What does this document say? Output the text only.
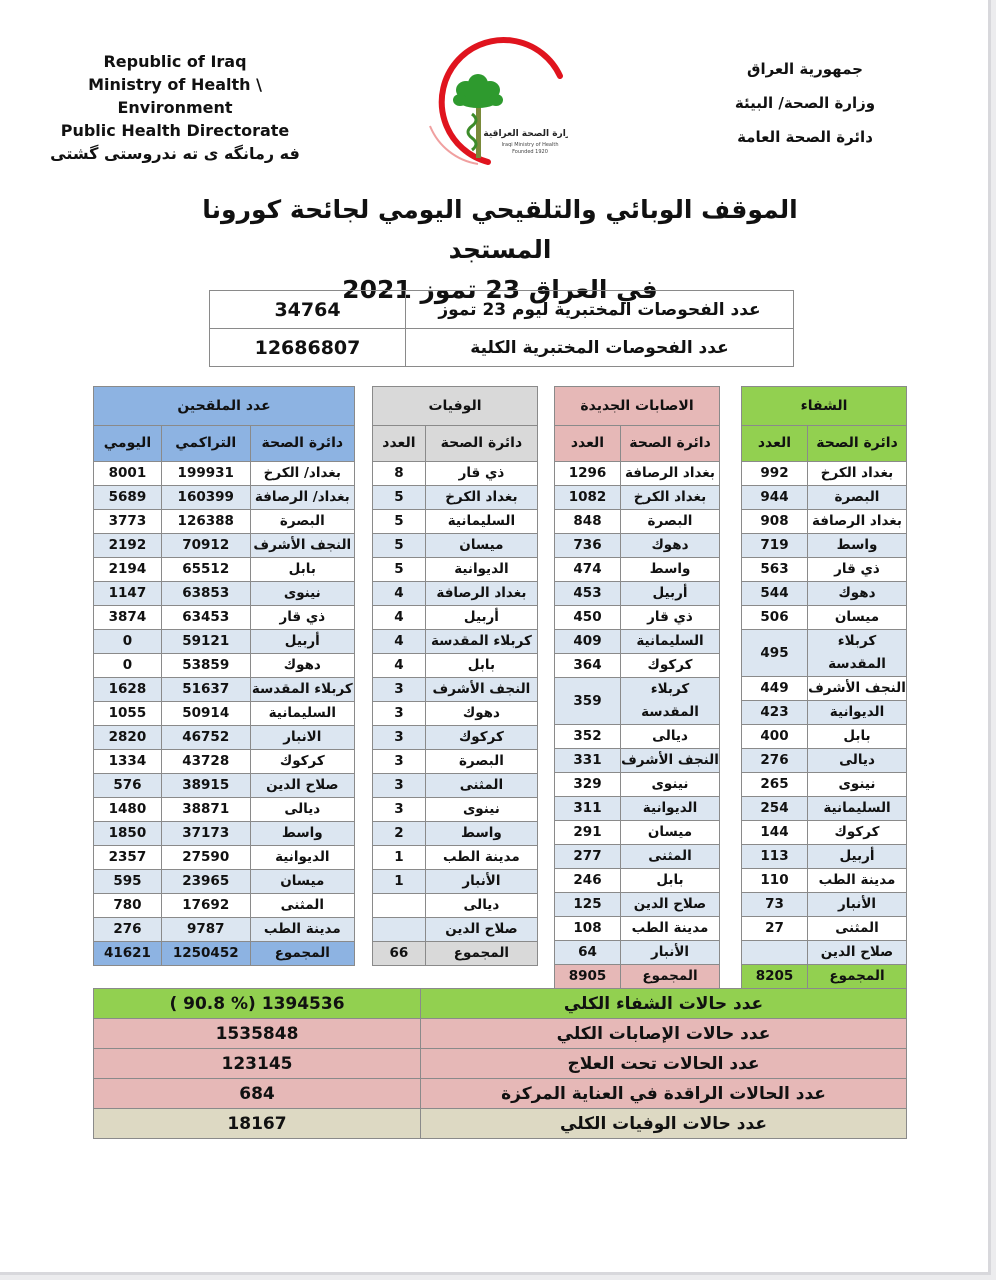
Republic of Iraq
Ministry of Health \ Environment
Public Health Directorate
فه رمانگه ى ته ندروستى گشتى
وزارة الصحة العراقية
Iraqi Ministry of Health
Founded 1920
جمهورية العراق
وزارة الصحة/ البيئة
دائرة الصحة العامة
الموقف الوبائي والتلقيحي اليومي لجائحة كورونا المستجد
في العراق 23 تموز 2021
عدد الفحوصات المختبرية ليوم 23 تموز	34764
عدد الفحوصات المختبرية الكلية	12686807
الشفاء	
دائرة الصحة	العدد
بغداد الكرخ	992
البصرة	944
بغداد الرصافة	908
واسط	719
ذي قار	563
دهوك	544
ميسان	506
كربلاء المقدسة	495
النجف الأشرف	449
الديوانية	423
بابل	400
ديالى	276
نينوى	265
السليمانية	254
كركوك	144
أربيل	113
مدينة الطب	110
الأنبار	73
المثنى	27
صلاح الدين	
المجموع	8205
الاصابات الجديدة	
دائرة الصحة	العدد
بغداد الرصافة	1296
بغداد الكرخ	1082
البصرة	848
دهوك	736
واسط	474
أربيل	453
ذي قار	450
السليمانية	409
كركوك	364
كربلاء المقدسة	359
ديالى	352
النجف الأشرف	331
نينوى	329
الديوانية	311
ميسان	291
المثنى	277
بابل	246
صلاح الدين	125
مدينة الطب	108
الأنبار	64
المجموع	8905
الوفيات	
دائرة الصحة	العدد
ذي قار	8
بغداد الكرخ	5
السليمانية	5
ميسان	5
الديوانية	5
بغداد الرصافة	4
أربيل	4
كربلاء المقدسة	4
بابل	4
النجف الأشرف	3
دهوك	3
كركوك	3
البصرة	3
المثنى	3
نينوى	3
واسط	2
مدينة الطب	1
الأنبار	1
ديالى	
صلاح الدين	
المجموع	66
عدد الملقحين		
دائرة الصحة	التراكمي	اليومي
بغداد/ الكرخ	199931	8001
بغداد/ الرصافة	160399	5689
البصرة	126388	3773
النجف الأشرف	70912	2192
بابل	65512	2194
نينوى	63853	1147
ذي قار	63453	3874
أربيل	59121	0
دهوك	53859	0
كربلاء المقدسة	51637	1628
السليمانية	50914	1055
الانبار	46752	2820
كركوك	43728	1334
صلاح الدين	38915	576
ديالى	38871	1480
واسط	37173	1850
الديوانية	27590	2357
ميسان	23965	595
المثنى	17692	780
مدينة الطب	9787	276
المجموع	1250452	41621
عدد حالات الشفاء الكلي	1394536 (% 90.8 )
عدد حالات الإصابات الكلي	1535848
عدد الحالات تحت العلاج	123145
عدد الحالات الراقدة في العناية المركزة	684
عدد حالات الوفيات الكلي	18167
